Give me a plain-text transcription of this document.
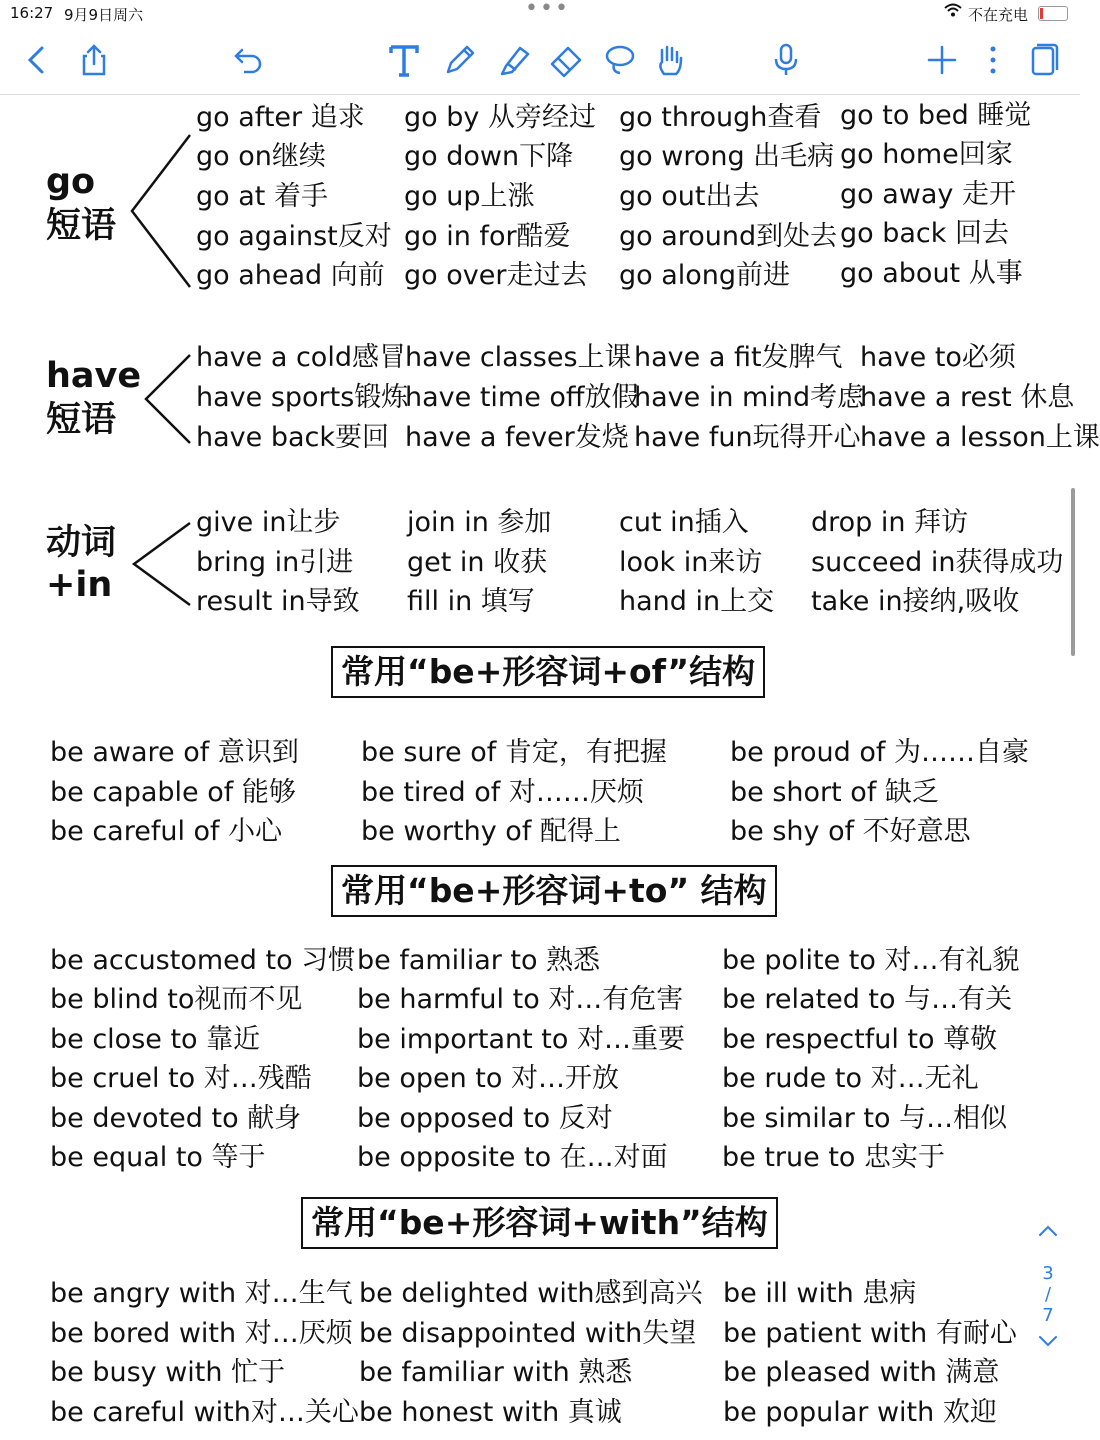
16:27 9月9日周六	•••	不在充电
go
短语
go after 追求
go on继续
go at 着手
go against反对
go ahead 向前
go by 从旁经过
go down下降
go up上涨
go in for酷爱
go over走过去
go through查看
go wrong 出毛病
go out出去
go around到处去
go along前进
go to bed 睡觉
go home回家
go away 走开
go back 回去
go about 从事
have
短语
have a cold感冒
have sports锻炼
have back要回
have classes上课
have time off放假
have a fever发烧
have a fit发脾气
have in mind考虑
have fun玩得开心
have to必须
have a rest 休息
have a lesson上课
动词
+in
give in让步
bring in引进
result in导致
join in 参加
get in 收获
fill in 填写
cut in插入
look in来访
hand in上交
drop in 拜访
succeed in获得成功
take in接纳,吸收
常用“be+形容词+of”结构
be aware of 意识到
be capable of 能够
be careful of 小心
be sure of 肯定，有把握
be tired of 对……厌烦
be worthy of 配得上
be proud of 为……自豪
be short of 缺乏
be shy of 不好意思
常用“be+形容词+to” 结构
be accustomed to 习惯
be blind to视而不见
be close to 靠近
be cruel to 对…残酷
be devoted to 献身
be equal to 等于
be familiar to 熟悉
be harmful to 对…有危害
be important to 对…重要
be open to 对…开放
be opposed to 反对
be opposite to 在…对面
be polite to 对…有礼貌
be related to 与…有关
be respectful to 尊敬
be rude to 对…无礼
be similar to 与…相似
be true to 忠实于
常用“be+形容词+with”结构
be angry with 对…生气
be bored with 对…厌烦
be busy with 忙于
be careful with对…关心
be delighted with感到高兴
be disappointed with失望
be familiar with 熟悉
be honest with 真诚
be ill with 患病
be patient with 有耐心
be pleased with 满意
be popular with 欢迎
3
/
7
